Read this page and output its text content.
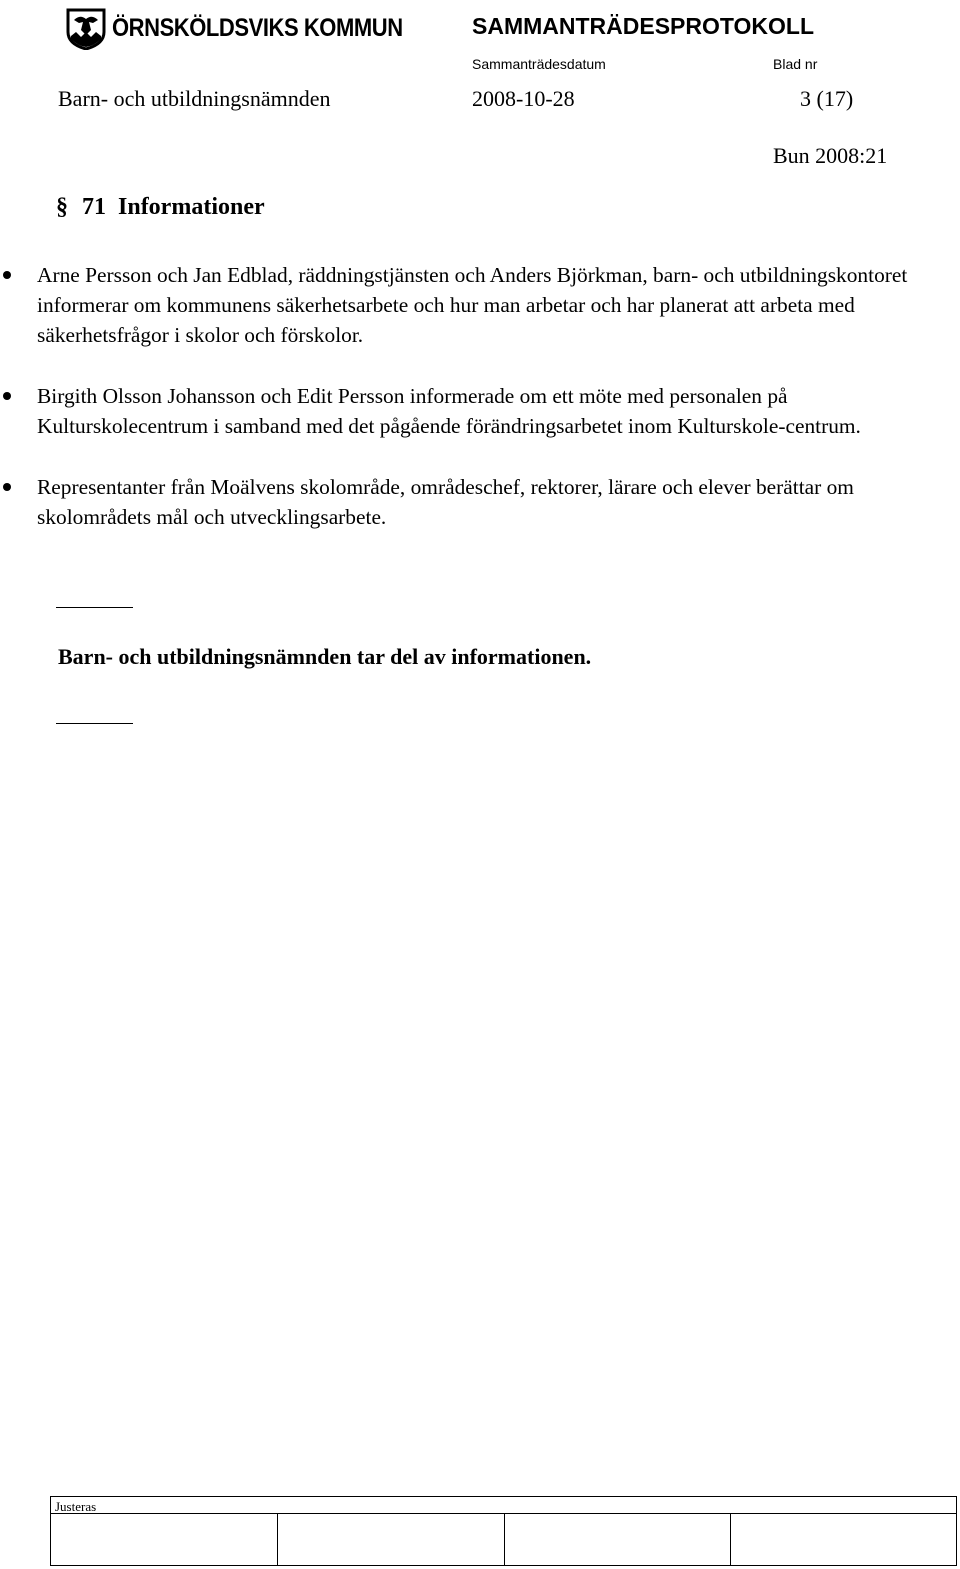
ÖRNSKÖLDSVIKS KOMMUN	SAMMANTRÄDESPROTOKOLL
Sammanträdesdatum	Blad nr
Barn- och utbildningsnämnden	2008-10-28	3 (17)
Bun 2008:21
§ 71 Informationer
Arne Persson och Jan Edblad, räddningstjänsten och Anders Björkman, barn- och utbildningskontoret informerar om kommunens säkerhetsarbete och hur man arbetar och har planerat att arbeta med säkerhetsfrågor i skolor och förskolor.
Birgith Olsson Johansson och Edit Persson informerade om ett möte med personalen på Kulturskolecentrum i samband med det pågående förändringsarbetet inom Kulturskole-centrum.
Representanter från Moälvens skolområde, områdeschef, rektorer, lärare och elever berättar om skolområdets mål och utvecklingsarbete.
Barn- och utbildningsnämnden tar del av informationen.
Justeras
